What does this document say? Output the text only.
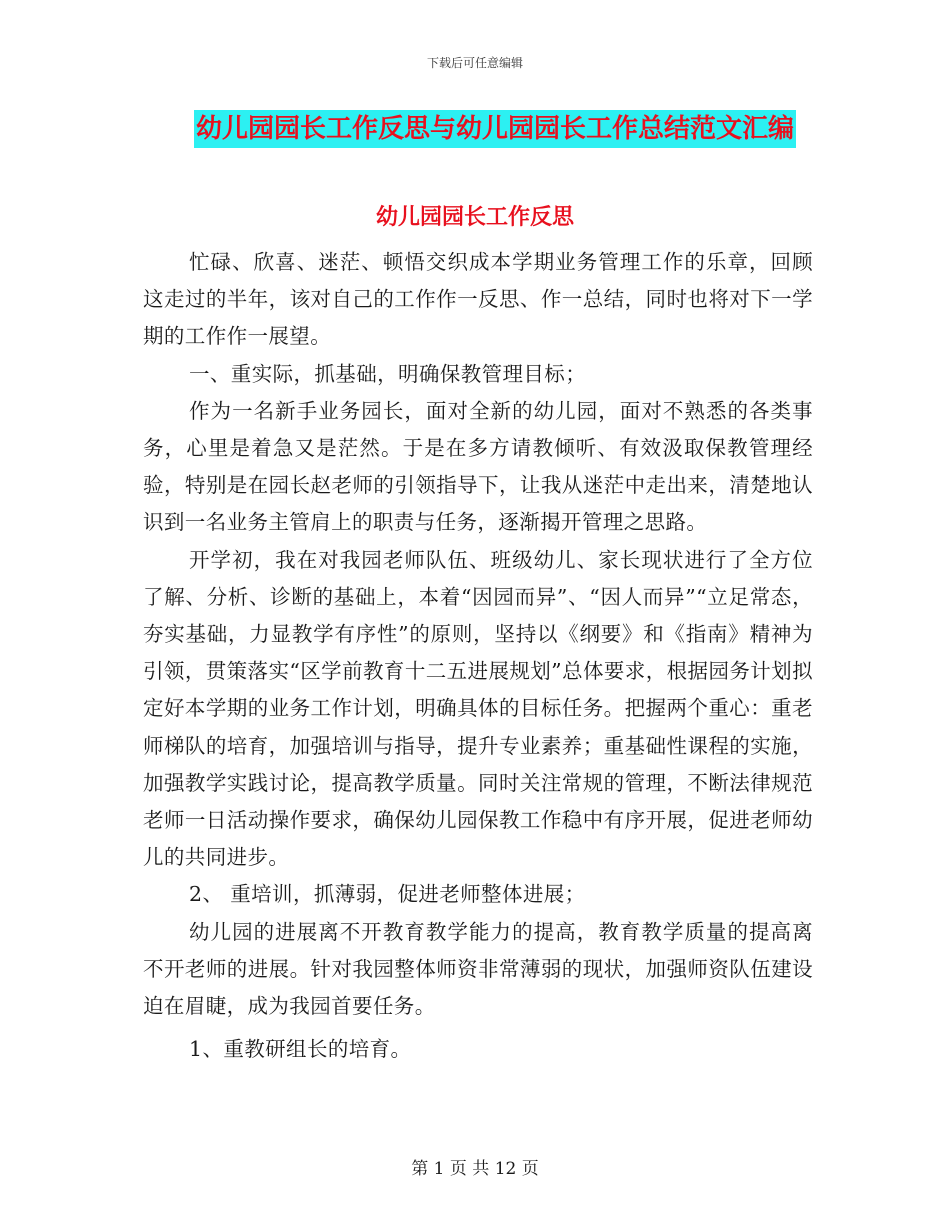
下载后可任意编辑
幼儿园园长工作反思与幼儿园园长工作总结范文汇编
幼儿园园长工作反思

忙碌、欣喜、迷茫、顿悟交织成本学期业务管理工作的乐章，回顾这走过的半年，该对自己的工作作一反思、作一总结，同时也将对下一学期的工作作一展望。

一、重实际，抓基础，明确保教管理目标；

作为一名新手业务园长，面对全新的幼儿园，面对不熟悉的各类事务，心里是着急又是茫然。于是在多方请教倾听、有效汲取保教管理经验，特别是在园长赵老师的引领指导下，让我从迷茫中走出来，清楚地认识到一名业务主管肩上的职责与任务，逐渐揭开管理之思路。

开学初，我在对我园老师队伍、班级幼儿、家长现状进行了全方位了解、分析、诊断的基础上，本着“因园而异”、“因人而异”“立足常态，夯实基础，力显教学有序性”的原则，坚持以《纲要》和《指南》精神为引领，贯策落实“区学前教育十二五进展规划”总体要求，根据园务计划拟定好本学期的业务工作计划，明确具体的目标任务。把握两个重心：重老师梯队的培育，加强培训与指导，提升专业素养；重基础性课程的实施，加强教学实践讨论，提高教学质量。同时关注常规的管理，不断法律规范老师一日活动操作要求，确保幼儿园保教工作稳中有序开展，促进老师幼儿的共同进步。

2、 重培训，抓薄弱，促进老师整体进展；

幼儿园的进展离不开教育教学能力的提高，教育教学质量的提高离不开老师的进展。针对我园整体师资非常薄弱的现状，加强师资队伍建设迫在眉睫，成为我园首要任务。

1、重教研组长的培育。

第 1 页 共 12 页
